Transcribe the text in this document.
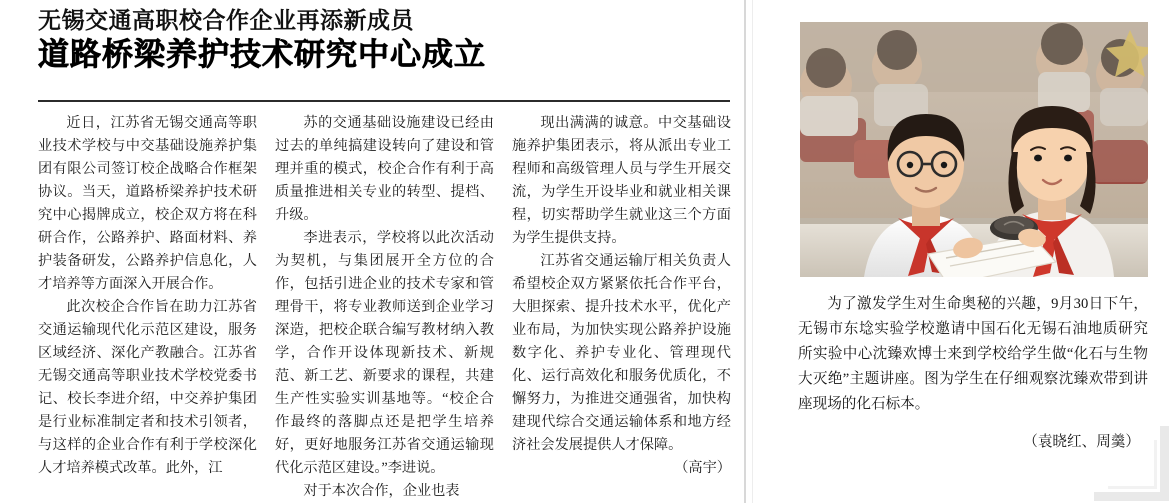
无锡交通高职校合作企业再添新成员
道路桥梁养护技术研究中心成立

近日，江苏省无锡交通高等职业技术学校与中交基础设施养护集团有限公司签订校企战略合作框架协议。当天，道路桥梁养护技术研究中心揭牌成立，校企双方将在科研合作，公路养护、路面材料、养护装备研发，公路养护信息化，人才培养等方面深入开展合作。

此次校企合作旨在助力江苏省交通运输现代化示范区建设，服务区域经济、深化产教融合。江苏省无锡交通高等职业技术学校党委书记、校长李进介绍，中交养护集团是行业标准制定者和技术引领者，与这样的企业合作有利于学校深化人才培养模式改革。此外，江

苏的交通基础设施建设已经由过去的单纯搞建设转向了建设和管理并重的模式，校企合作有利于高质量推进相关专业的转型、提档、升级。

李进表示，学校将以此次活动为契机，与集团展开全方位的合作，包括引进企业的技术专家和管理骨干，将专业教师送到企业学习深造，把校企联合编写教材纳入教学，合作开设体现新技术、新规范、新工艺、新要求的课程，共建生产性实验实训基地等。“校企合作最终的落脚点还是把学生培养好，更好地服务江苏省交通运输现代化示范区建设。”李进说。

对于本次合作，企业也表

现出满满的诚意。中交基础设施养护集团表示，将从派出专业工程师和高级管理人员与学生开展交流，为学生开设毕业和就业相关课程，切实帮助学生就业这三个方面为学生提供支持。

江苏省交通运输厅相关负责人希望校企双方紧紧依托合作平台，大胆探索、提升技术水平，优化产业布局，为加快实现公路养护设施数字化、养护专业化、管理现代化、运行高效化和服务优质化，不懈努力，为推进交通强省，加快构建现代综合交通运输体系和地方经济社会发展提供人才保障。

（高宇）

为了激发学生对生命奥秘的兴趣，9月30日下午，无锡市东埝实验学校邀请中国石化无锡石油地质研究所实验中心沈臻欢博士来到学校给学生做“化石与生物大灭绝”主题讲座。图为学生在仔细观察沈臻欢带到讲座现场的化石标本。

（袁晓红、周羹）
